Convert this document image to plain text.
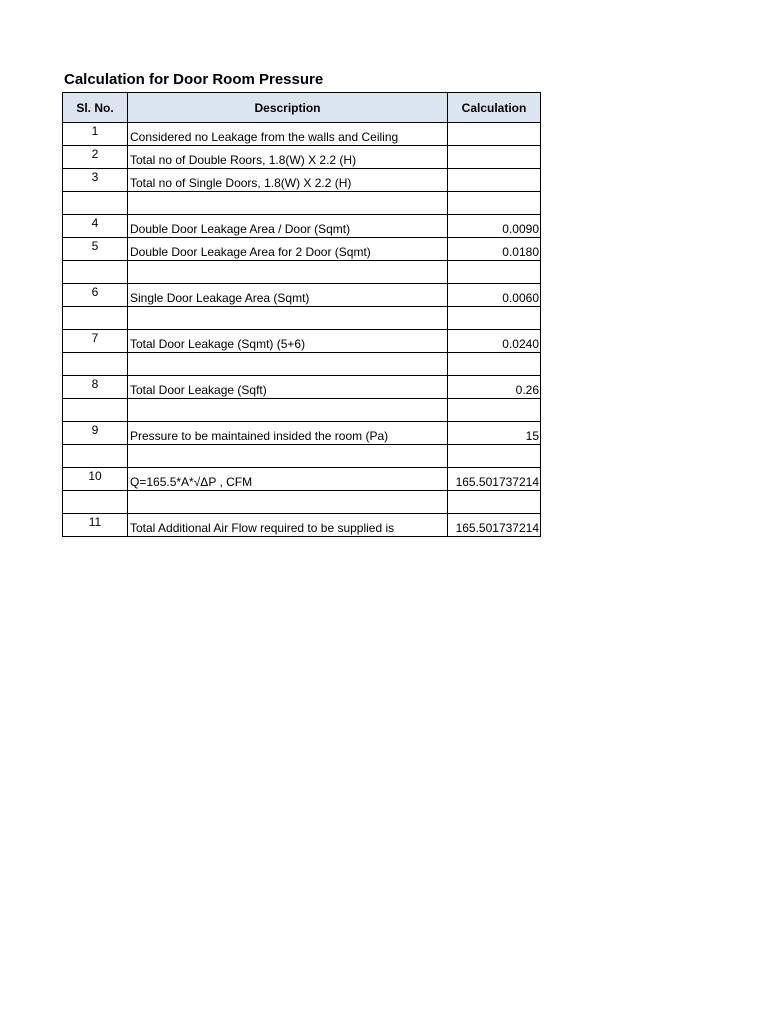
Calculation for Door Room Pressure
Sl. No.	Description	Calculation
1	Considered no Leakage from the walls and Ceiling	
2	Total no of Double Roors, 1.8(W) X 2.2 (H)	
3	Total no of Single Doors, 1.8(W) X 2.2 (H)	

4	Double Door Leakage Area / Door (Sqmt)	0.0090
5	Double Door Leakage Area for 2 Door (Sqmt)	0.0180

6	Single Door Leakage Area (Sqmt)	0.0060

7	Total Door Leakage (Sqmt) (5+6)	0.0240

8	Total Door Leakage (Sqft)	0.26

9	Pressure to be maintained insided the room (Pa)	15

10	Q=165.5*A*√ΔP , CFM	165.501737214

11	Total Additional Air Flow required to be supplied is	165.501737214
